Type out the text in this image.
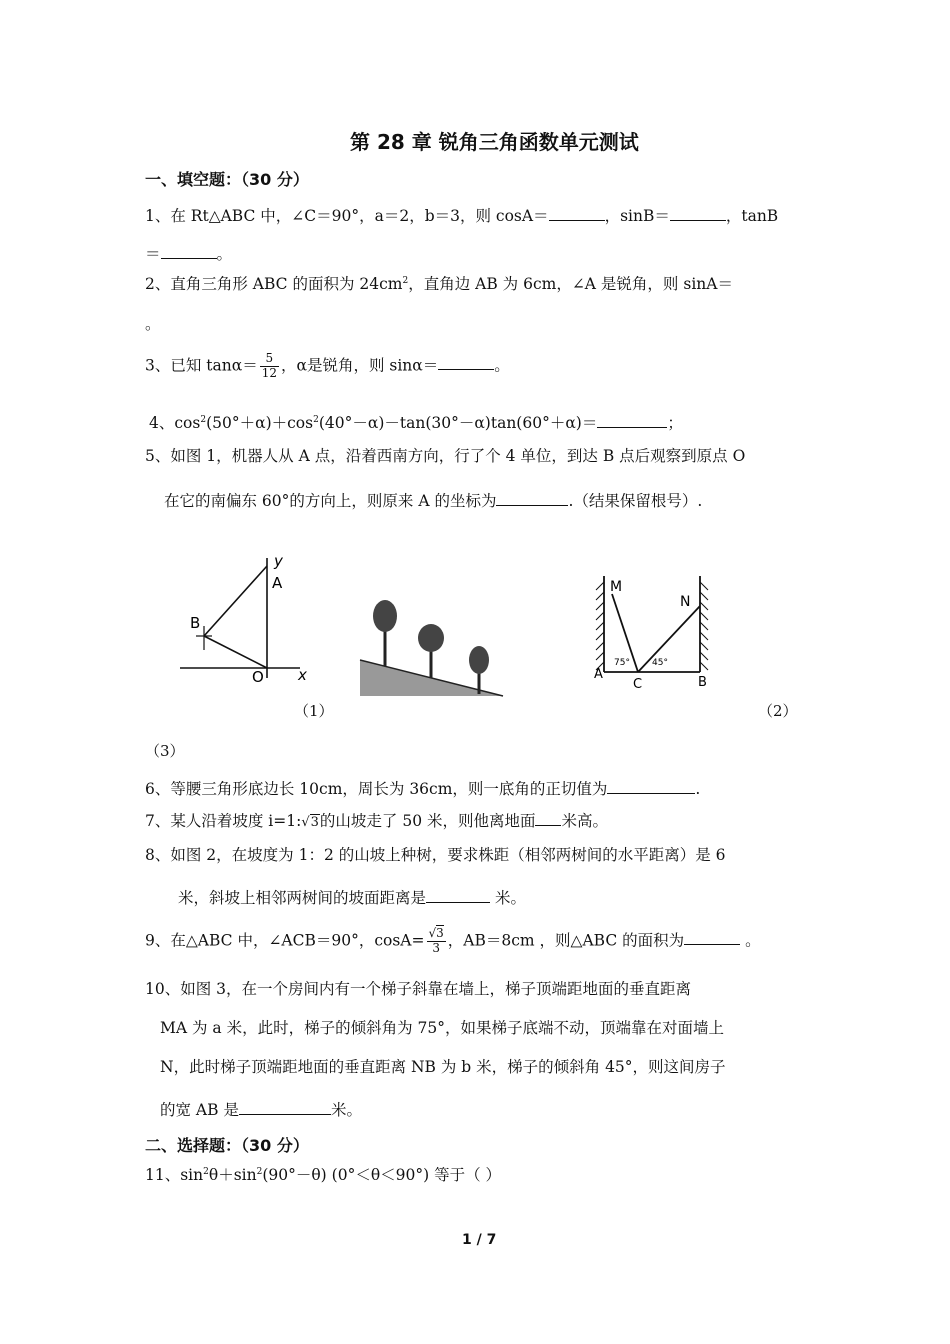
第 28 章 锐角三角函数单元测试
一、填空题：（30 分）
1、在 Rt△ABC 中，∠C＝90°，a＝2，b＝3，则 cosA＝	，sinB＝	，tanB
＝	。
2、直角三角形 ABC 的面积为 $24cm^2$，直角边 AB 为 6cm，∠A 是锐角，则 sinA＝
。
3、已知 $\tan\alpha= \frac{5}{12}$ ，α是锐角，则 sinα＝	。
4、$\cos^2(50^\circ+\alpha)+\cos^2(40^\circ-\alpha)-\tan(30^\circ-\alpha)\tan(60^\circ+\alpha)=$	；
5、如图 1，机器人从 A 点，沿着西南方向，行了个 4 单位，到达 B 点后观察到原点 O
在它的南偏东 60°的方向上，则原来 A 的坐标为	.（结果保留根号）.
y
A
B
O x
（1）
M
N
A
C	B
75° 45°
（2）
（3）
6、等腰三角形底边长 10cm，周长为 36cm，则一底角的正切值为	.
7、某人沿着坡度 i=1:√3的山坡走了 50 米，则他离地面 米高。
8、如图 2，在坡度为 1：2 的山坡上种树，要求株距（相邻两树间的水平距离）是 6
米，斜坡上相邻两树间的坡面距离是	米。
9、在△ABC 中，∠ACB＝90°，$\cos A= \frac{√3}{3}$ ，AB＝8cm ，则△ABC 的面积为	。
10、如图 3，在一个房间内有一个梯子斜靠在墙上，梯子顶端距地面的垂直距离
MA 为 a 米，此时，梯子的倾斜角为 75°，如果梯子底端不动，顶端靠在对面墙上
N，此时梯子顶端距地面的垂直距离 NB 为 b 米，梯子的倾斜角 45°，则这间房子
的宽 AB 是	米。
二、选择题：（30 分）
11、$\sin^2\theta+\sin^2(90^\circ-\theta)$ (0°＜θ＜90°) 等于（ ）
1 / 7
